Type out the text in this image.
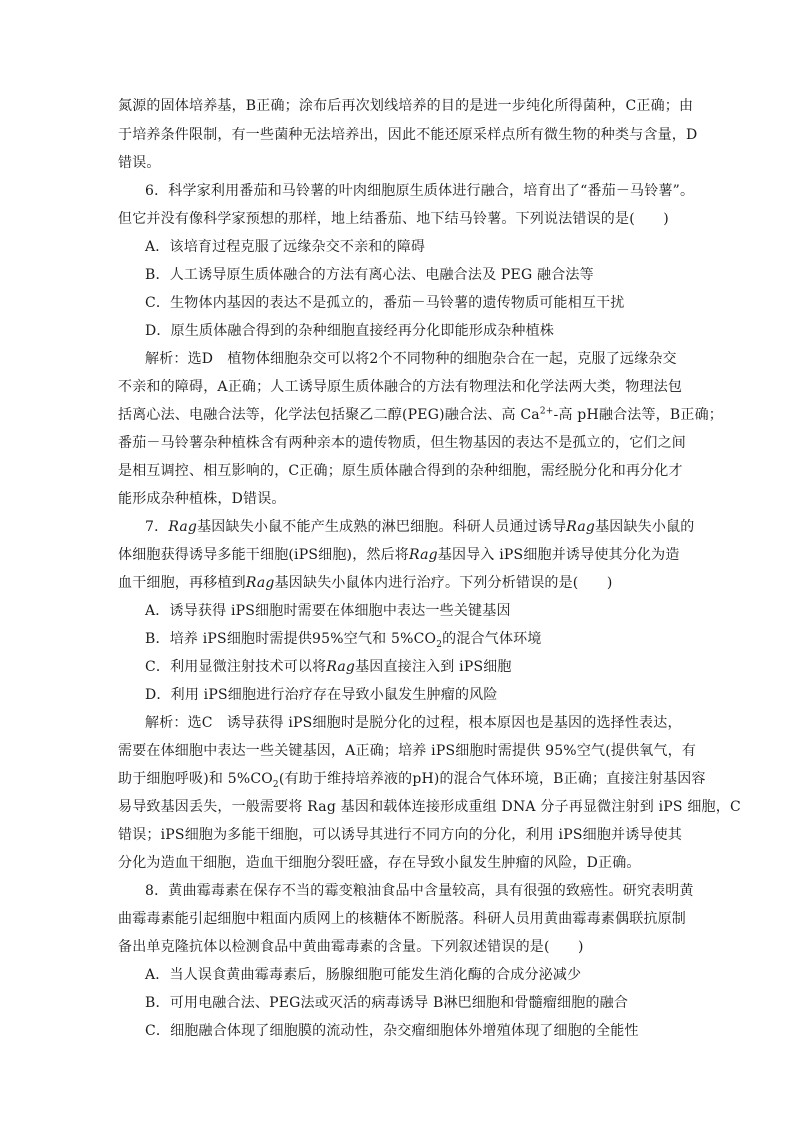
氮源的固体培养基，B正确；涂布后再次划线培养的目的是进一步纯化所得菌种，C正确；由
于培养条件限制，有一些菌种无法培养出，因此不能还原采样点所有微生物的种类与含量，D
错误。
6．科学家利用番茄和马铃薯的叶肉细胞原生质体进行融合，培育出了“番茄－马铃薯”。
但它并没有像科学家预想的那样，地上结番茄、地下结马铃薯。下列说法错误的是(　　)
A．该培育过程克服了远缘杂交不亲和的障碍
B．人工诱导原生质体融合的方法有离心法、电融合法及 PEG 融合法等
C．生物体内基因的表达不是孤立的，番茄－马铃薯的遗传物质可能相互干扰
D．原生质体融合得到的杂种细胞直接经再分化即能形成杂种植株
解析：选D　植物体细胞杂交可以将2个不同物种的细胞杂合在一起，克服了远缘杂交
不亲和的障碍，A正确；人工诱导原生质体融合的方法有物理法和化学法两大类，物理法包
括离心法、电融合法等，化学法包括聚乙二醇(PEG)融合法、高 $Ca^{2+}-$高 pH融合法等，B正确；
番茄－马铃薯杂种植株含有两种亲本的遗传物质，但生物基因的表达不是孤立的，它们之间
是相互调控、相互影响的，C正确；原生质体融合得到的杂种细胞，需经脱分化和再分化才
能形成杂种植株，D错误。
7．Rag基因缺失小鼠不能产生成熟的淋巴细胞。科研人员通过诱导Rag基因缺失小鼠的
体细胞获得诱导多能干细胞(iPS细胞)，然后将Rag基因导入 iPS细胞并诱导使其分化为造
血干细胞，再移植到Rag基因缺失小鼠体内进行治疗。下列分析错误的是(　　)
A．诱导获得 iPS细胞时需要在体细胞中表达一些关键基因
B．培养 iPS细胞时需提供95%空气和 $5\%CO_2$的混合气体环境
C．利用显微注射技术可以将Rag基因直接注入到 iPS细胞
D．利用 iPS细胞进行治疗存在导致小鼠发生肿瘤的风险
解析：选C　诱导获得 iPS细胞时是脱分化的过程，根本原因也是基因的选择性表达，
需要在体细胞中表达一些关键基因，A正确；培养 iPS细胞时需提供 95%空气(提供氧气，有
助于细胞呼吸)和 $5\%CO_2$(有助于维持培养液的pH)的混合气体环境，B正确；直接注射基因容
易导致基因丢失，一般需要将 Rag 基因和载体连接形成重组 DNA 分子再显微注射到 iPS 细胞，C
错误；iPS细胞为多能干细胞，可以诱导其进行不同方向的分化，利用 iPS细胞并诱导使其
分化为造血干细胞，造血干细胞分裂旺盛，存在导致小鼠发生肿瘤的风险，D正确。
8．黄曲霉毒素在保存不当的霉变粮油食品中含量较高，具有很强的致癌性。研究表明黄
曲霉毒素能引起细胞中粗面内质网上的核糖体不断脱落。科研人员用黄曲霉毒素偶联抗原制
备出单克隆抗体以检测食品中黄曲霉毒素的含量。下列叙述错误的是(　　)
A．当人误食黄曲霉毒素后，肠腺细胞可能发生消化酶的合成分泌减少
B．可用电融合法、PEG法或灭活的病毒诱导 B淋巴细胞和骨髓瘤细胞的融合
C．细胞融合体现了细胞膜的流动性，杂交瘤细胞体外增殖体现了细胞的全能性
